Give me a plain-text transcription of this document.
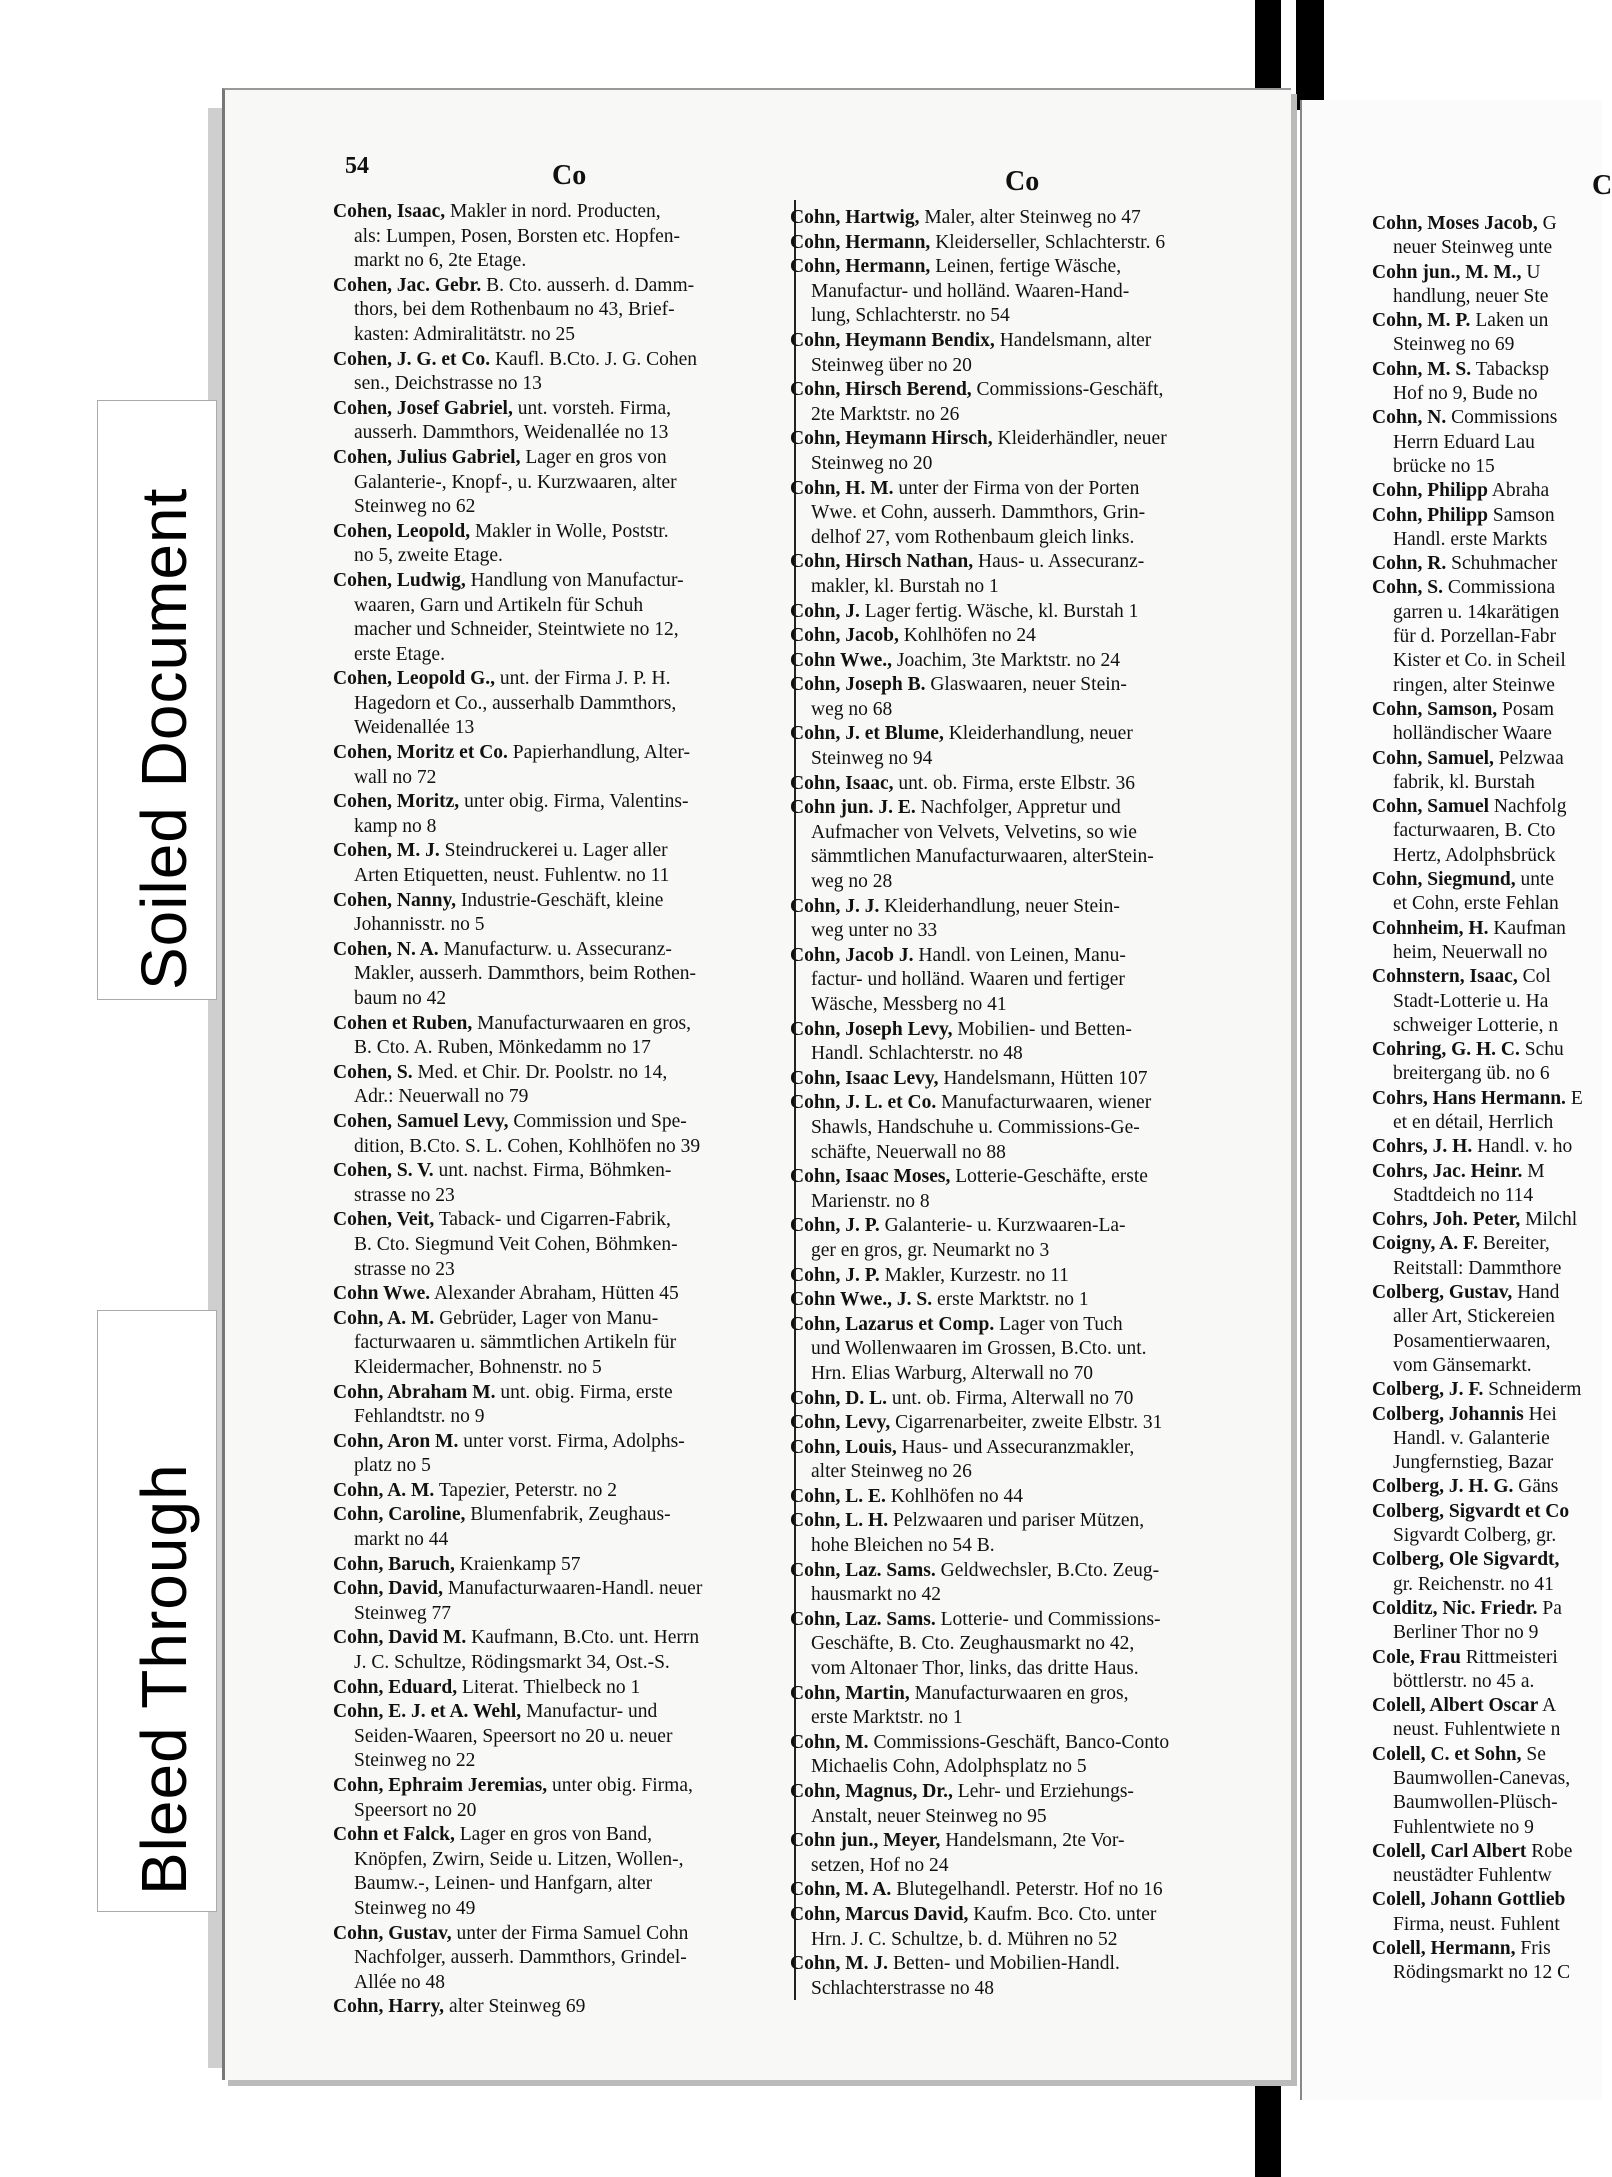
C
54	Co	Co
Cohen, Isaac, Makler in nord. Producten,
als: Lumpen, Posen, Borsten etc. Hopfen-
markt no 6, 2te Etage.
Cohen, Jac. Gebr. B. Cto. ausserh. d. Damm-
thors, bei dem Rothenbaum no 43, Brief-
kasten: Admiralitätstr. no 25
Cohen, J. G. et Co. Kaufl. B.Cto. J. G. Cohen
sen., Deichstrasse no 13
Cohen, Josef Gabriel, unt. vorsteh. Firma,
ausserh. Dammthors, Weidenallée no 13
Cohen, Julius Gabriel, Lager en gros von
Galanterie-, Knopf-, u. Kurzwaaren, alter
Steinweg no 62
Cohen, Leopold, Makler in Wolle, Poststr.
no 5, zweite Etage.
Cohen, Ludwig, Handlung von Manufactur-
waaren, Garn und Artikeln für Schuh
macher und Schneider, Steintwiete no 12,
erste Etage.
Cohen, Leopold G., unt. der Firma J. P. H.
Hagedorn et Co., ausserhalb Dammthors,
Weidenallée 13
Cohen, Moritz et Co. Papierhandlung, Alter-
wall no 72
Cohen, Moritz, unter obig. Firma, Valentins-
kamp no 8
Cohen, M. J. Steindruckerei u. Lager aller
Arten Etiquetten, neust. Fuhlentw. no 11
Cohen, Nanny, Industrie-Geschäft, kleine
Johannisstr. no 5
Cohen, N. A. Manufacturw. u. Assecuranz-
Makler, ausserh. Dammthors, beim Rothen-
baum no 42
Cohen et Ruben, Manufacturwaaren en gros,
B. Cto. A. Ruben, Mönkedamm no 17
Cohen, S. Med. et Chir. Dr. Poolstr. no 14,
Adr.: Neuerwall no 79
Cohen, Samuel Levy, Commission und Spe-
dition, B.Cto. S. L. Cohen, Kohlhöfen no 39
Cohen, S. V. unt. nachst. Firma, Böhmken-
strasse no 23
Cohen, Veit, Taback- und Cigarren-Fabrik,
B. Cto. Siegmund Veit Cohen, Böhmken-
strasse no 23
Cohn Wwe. Alexander Abraham, Hütten 45
Cohn, A. M. Gebrüder, Lager von Manu-
facturwaaren u. sämmtlichen Artikeln für
Kleidermacher, Bohnenstr. no 5
Cohn, Abraham M. unt. obig. Firma, erste
Fehlandtstr. no 9
Cohn, Aron M. unter vorst. Firma, Adolphs-
platz no 5
Cohn, A. M. Tapezier, Peterstr. no 2
Cohn, Caroline, Blumenfabrik, Zeughaus-
markt no 44
Cohn, Baruch, Kraienkamp 57
Cohn, David, Manufacturwaaren-Handl. neuer
Steinweg 77
Cohn, David M. Kaufmann, B.Cto. unt. Herrn
J. C. Schultze, Rödingsmarkt 34, Ost.-S.
Cohn, Eduard, Literat. Thielbeck no 1
Cohn, E. J. et A. Wehl, Manufactur- und
Seiden-Waaren, Speersort no 20 u. neuer
Steinweg no 22
Cohn, Ephraim Jeremias, unter obig. Firma,
Speersort no 20
Cohn et Falck, Lager en gros von Band,
Knöpfen, Zwirn, Seide u. Litzen, Wollen-,
Baumw.-, Leinen- und Hanfgarn, alter
Steinweg no 49
Cohn, Gustav, unter der Firma Samuel Cohn
Nachfolger, ausserh. Dammthors, Grindel-
Allée no 48
Cohn, Harry, alter Steinweg 69
Cohn, Hartwig, Maler, alter Steinweg no 47
Cohn, Hermann, Kleiderseller, Schlachterstr. 6
Cohn, Hermann, Leinen, fertige Wäsche,
Manufactur- und holländ. Waaren-Hand-
lung, Schlachterstr. no 54
Cohn, Heymann Bendix, Handelsmann, alter
Steinweg über no 20
Cohn, Hirsch Berend, Commissions-Geschäft,
2te Marktstr. no 26
Cohn, Heymann Hirsch, Kleiderhändler, neuer
Steinweg no 20
Cohn, H. M. unter der Firma von der Porten
Wwe. et Cohn, ausserh. Dammthors, Grin-
delhof 27, vom Rothenbaum gleich links.
Cohn, Hirsch Nathan, Haus- u. Assecuranz-
makler, kl. Burstah no 1
Cohn, J. Lager fertig. Wäsche, kl. Burstah 1
Cohn, Jacob, Kohlhöfen no 24
Cohn Wwe., Joachim, 3te Marktstr. no 24
Cohn, Joseph B. Glaswaaren, neuer Stein-
weg no 68
Cohn, J. et Blume, Kleiderhandlung, neuer
Steinweg no 94
Cohn, Isaac, unt. ob. Firma, erste Elbstr. 36
Cohn jun. J. E. Nachfolger, Appretur und
Aufmacher von Velvets, Velvetins, so wie
sämmtlichen Manufacturwaaren, alterStein-
weg no 28
Cohn, J. J. Kleiderhandlung, neuer Stein-
weg unter no 33
Cohn, Jacob J. Handl. von Leinen, Manu-
factur- und holländ. Waaren und fertiger
Wäsche, Messberg no 41
Cohn, Joseph Levy, Mobilien- und Betten-
Handl. Schlachterstr. no 48
Cohn, Isaac Levy, Handelsmann, Hütten 107
Cohn, J. L. et Co. Manufacturwaaren, wiener
Shawls, Handschuhe u. Commissions-Ge-
schäfte, Neuerwall no 88
Cohn, Isaac Moses, Lotterie-Geschäfte, erste
Marienstr. no 8
Cohn, J. P. Galanterie- u. Kurzwaaren-La-
ger en gros, gr. Neumarkt no 3
Cohn, J. P. Makler, Kurzestr. no 11
Cohn Wwe., J. S. erste Marktstr. no 1
Cohn, Lazarus et Comp. Lager von Tuch
und Wollenwaaren im Grossen, B.Cto. unt.
Hrn. Elias Warburg, Alterwall no 70
Cohn, D. L. unt. ob. Firma, Alterwall no 70
Cohn, Levy, Cigarrenarbeiter, zweite Elbstr. 31
Cohn, Louis, Haus- und Assecuranzmakler,
alter Steinweg no 26
Cohn, L. E. Kohlhöfen no 44
Cohn, L. H. Pelzwaaren und pariser Mützen,
hohe Bleichen no 54 B.
Cohn, Laz. Sams. Geldwechsler, B.Cto. Zeug-
hausmarkt no 42
Cohn, Laz. Sams. Lotterie- und Commissions-
Geschäfte, B. Cto. Zeughausmarkt no 42,
vom Altonaer Thor, links, das dritte Haus.
Cohn, Martin, Manufacturwaaren en gros,
erste Marktstr. no 1
Cohn, M. Commissions-Geschäft, Banco-Conto
Michaelis Cohn, Adolphsplatz no 5
Cohn, Magnus, Dr., Lehr- und Erziehungs-
Anstalt, neuer Steinweg no 95
Cohn jun., Meyer, Handelsmann, 2te Vor-
setzen, Hof no 24
Cohn, M. A. Blutegelhandl. Peterstr. Hof no 16
Cohn, Marcus David, Kaufm. Bco. Cto. unter
Hrn. J. C. Schultze, b. d. Mühren no 52
Cohn, M. J. Betten- und Mobilien-Handl.
Schlachterstrasse no 48
Cohn, Moses Jacob, G
neuer Steinweg unte
Cohn jun., M. M., U
handlung, neuer Ste
Cohn, M. P. Laken un
Steinweg no 69
Cohn, M. S. Tabacksp
Hof no 9, Bude no
Cohn, N. Commissions
Herrn Eduard Lau
brücke no 15
Cohn, Philipp Abraha
Cohn, Philipp Samson
Handl. erste Markts
Cohn, R. Schuhmacher
Cohn, S. Commissiona
garren u. 14karätigen
für d. Porzellan-Fabr
Kister et Co. in Scheil
ringen, alter Steinwe
Cohn, Samson, Posam
holländischer Waare
Cohn, Samuel, Pelzwaa
fabrik, kl. Burstah
Cohn, Samuel Nachfolg
facturwaaren, B. Cto
Hertz, Adolphsbrück
Cohn, Siegmund, unte
et Cohn, erste Fehlan
Cohnheim, H. Kaufman
heim, Neuerwall no
Cohnstern, Isaac, Col
Stadt-Lotterie u. Ha
schweiger Lotterie, n
Cohring, G. H. C. Schu
breitergang üb. no 6
Cohrs, Hans Hermann. E
et en détail, Herrlich
Cohrs, J. H. Handl. v. ho
Cohrs, Jac. Heinr. M
Stadtdeich no 114
Cohrs, Joh. Peter, Milchl
Coigny, A. F. Bereiter,
Reitstall: Dammthore
Colberg, Gustav, Hand
aller Art, Stickereien
Posamentierwaaren,
vom Gänsemarkt.
Colberg, J. F. Schneiderm
Colberg, Johannis Hei
Handl. v. Galanterie
Jungfernstieg, Bazar
Colberg, J. H. G. Gäns
Colberg, Sigvardt et Co
Sigvardt Colberg, gr.
Colberg, Ole Sigvardt,
gr. Reichenstr. no 41
Colditz, Nic. Friedr. Pa
Berliner Thor no 9
Cole, Frau Rittmeisteri
böttlerstr. no 45 a.
Colell, Albert Oscar A
neust. Fuhlentwiete n
Colell, C. et Sohn, Se
Baumwollen-Canevas,
Baumwollen-Plüsch-
Fuhlentwiete no 9
Colell, Carl Albert Robe
neustädter Fuhlentw
Colell, Johann Gottlieb
Firma, neust. Fuhlent
Colell, Hermann, Fris
Rödingsmarkt no 12 C
Soiled Document
Bleed Through
